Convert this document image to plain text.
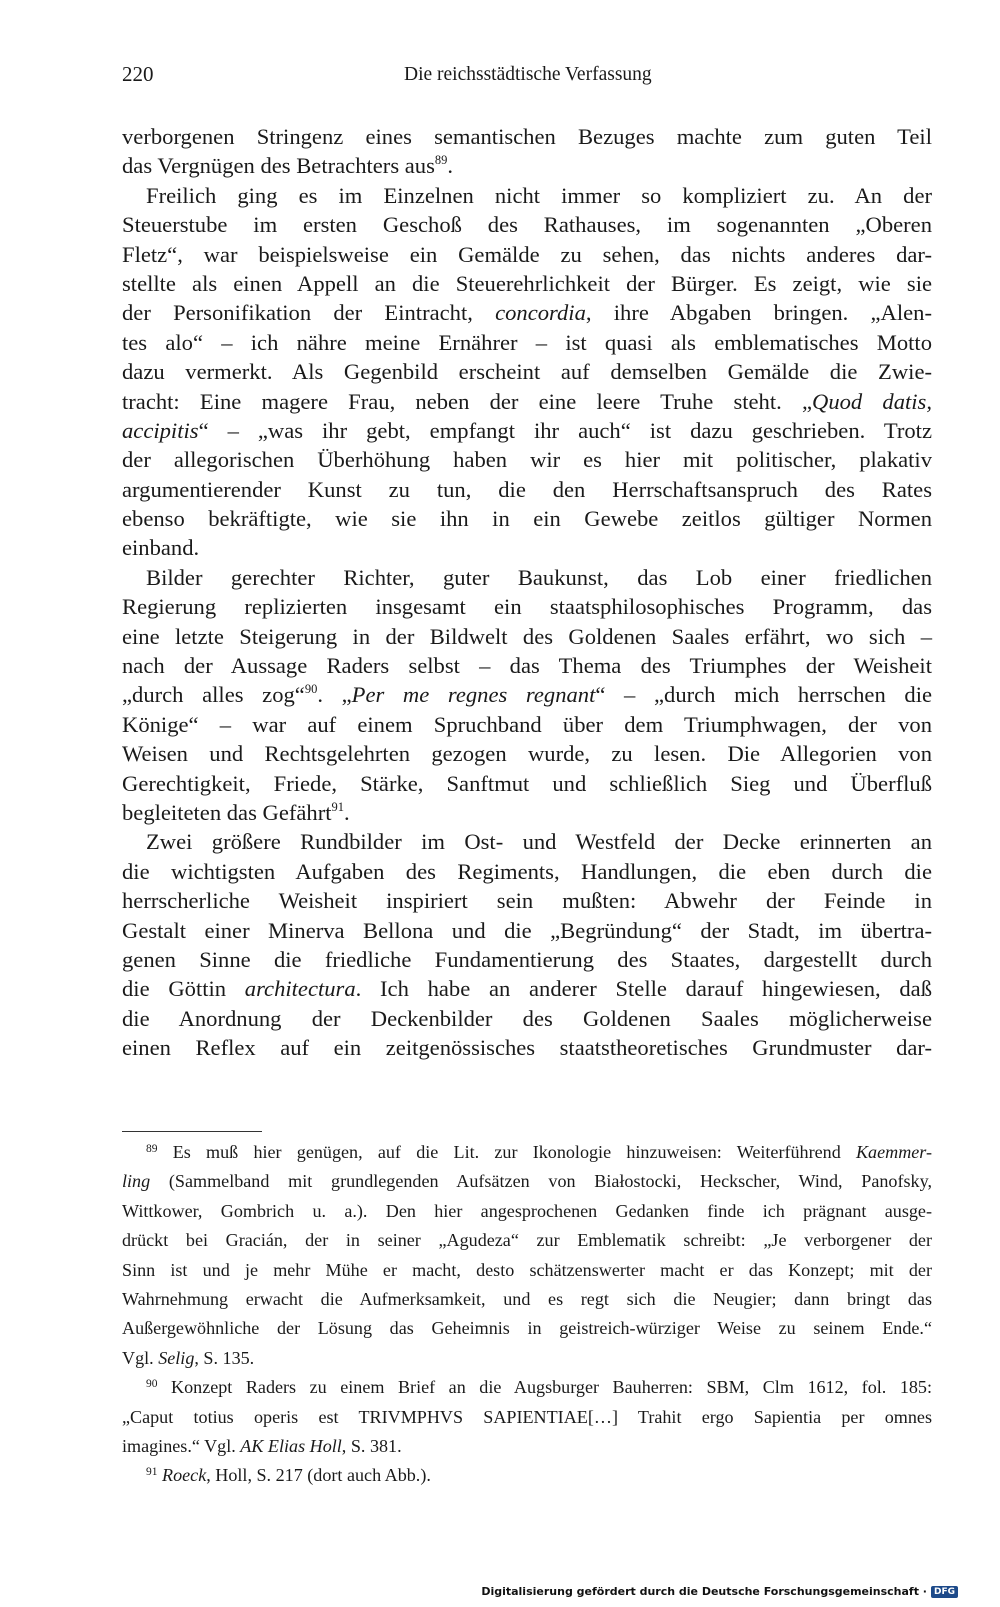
220	Die reichsstädtische Verfassung
verborgenen Stringenz eines semantischen Bezuges machte zum guten Teil
das Vergnügen des Betrachters aus$^{89}$.
Freilich ging es im Einzelnen nicht immer so kompliziert zu. An der
Steuerstube im ersten Geschoß des Rathauses, im sogenannten „Oberen
Fletz“, war beispielsweise ein Gemälde zu sehen, das nichts anderes dar-
stellte als einen Appell an die Steuerehrlichkeit der Bürger. Es zeigt, wie sie
der Personifikation der Eintracht, concordia, ihre Abgaben bringen. „Alen-
tes alo“ – ich nähre meine Ernährer – ist quasi als emblematisches Motto
dazu vermerkt. Als Gegenbild erscheint auf demselben Gemälde die Zwie-
tracht: Eine magere Frau, neben der eine leere Truhe steht. „Quod datis,
accipitis“ – „was ihr gebt, empfangt ihr auch“ ist dazu geschrieben. Trotz
der allegorischen Überhöhung haben wir es hier mit politischer, plakativ
argumentierender Kunst zu tun, die den Herrschaftsanspruch des Rates
ebenso bekräftigte, wie sie ihn in ein Gewebe zeitlos gültiger Normen
einband.
Bilder gerechter Richter, guter Baukunst, das Lob einer friedlichen
Regierung replizierten insgesamt ein staatsphilosophisches Programm, das
eine letzte Steigerung in der Bildwelt des Goldenen Saales erfährt, wo sich –
nach der Aussage Raders selbst – das Thema des Triumphes der Weisheit
„durch alles zog“$^{90}$. „Per me regnes regnant“ – „durch mich herrschen die
Könige“ – war auf einem Spruchband über dem Triumphwagen, der von
Weisen und Rechtsgelehrten gezogen wurde, zu lesen. Die Allegorien von
Gerechtigkeit, Friede, Stärke, Sanftmut und schließlich Sieg und Überfluß
begleiteten das Gefährt$^{91}$.
Zwei größere Rundbilder im Ost- und Westfeld der Decke erinnerten an
die wichtigsten Aufgaben des Regiments, Handlungen, die eben durch die
herrscherliche Weisheit inspiriert sein mußten: Abwehr der Feinde in
Gestalt einer Minerva Bellona und die „Begründung“ der Stadt, im übertra-
genen Sinne die friedliche Fundamentierung des Staates, dargestellt durch
die Göttin architectura. Ich habe an anderer Stelle darauf hingewiesen, daß
die Anordnung der Deckenbilder des Goldenen Saales möglicherweise
einen Reflex auf ein zeitgenössisches staatstheoretisches Grundmuster dar-
$^{89}$ Es muß hier genügen, auf die Lit. zur Ikonologie hinzuweisen: Weiterführend Kaemmer-
ling (Sammelband mit grundlegenden Aufsätzen von Białostocki, Heckscher, Wind, Panofsky,
Wittkower, Gombrich u. a.). Den hier angesprochenen Gedanken finde ich prägnant ausge-
drückt bei Gracián, der in seiner „Agudeza“ zur Emblematik schreibt: „Je verborgener der
Sinn ist und je mehr Mühe er macht, desto schätzenswerter macht er das Konzept; mit der
Wahrnehmung erwacht die Aufmerksamkeit, und es regt sich die Neugier; dann bringt das
Außergewöhnliche der Lösung das Geheimnis in geistreich-würziger Weise zu seinem Ende.“
Vgl. Selig, S. 135.
$^{90}$ Konzept Raders zu einem Brief an die Augsburger Bauherren: SBM, Clm 1612, fol. 185:
„Caput totius operis est TRIVMPHVS SAPIENTIAE[…] Trahit ergo Sapientia per omnes
imagines.“ Vgl. AK Elias Holl, S. 381.
$^{91}$ Roeck, Holl, S. 217 (dort auch Abb.).
Digitalisierung gefördert durch die Deutsche Forschungsgemeinschaft · DFG
